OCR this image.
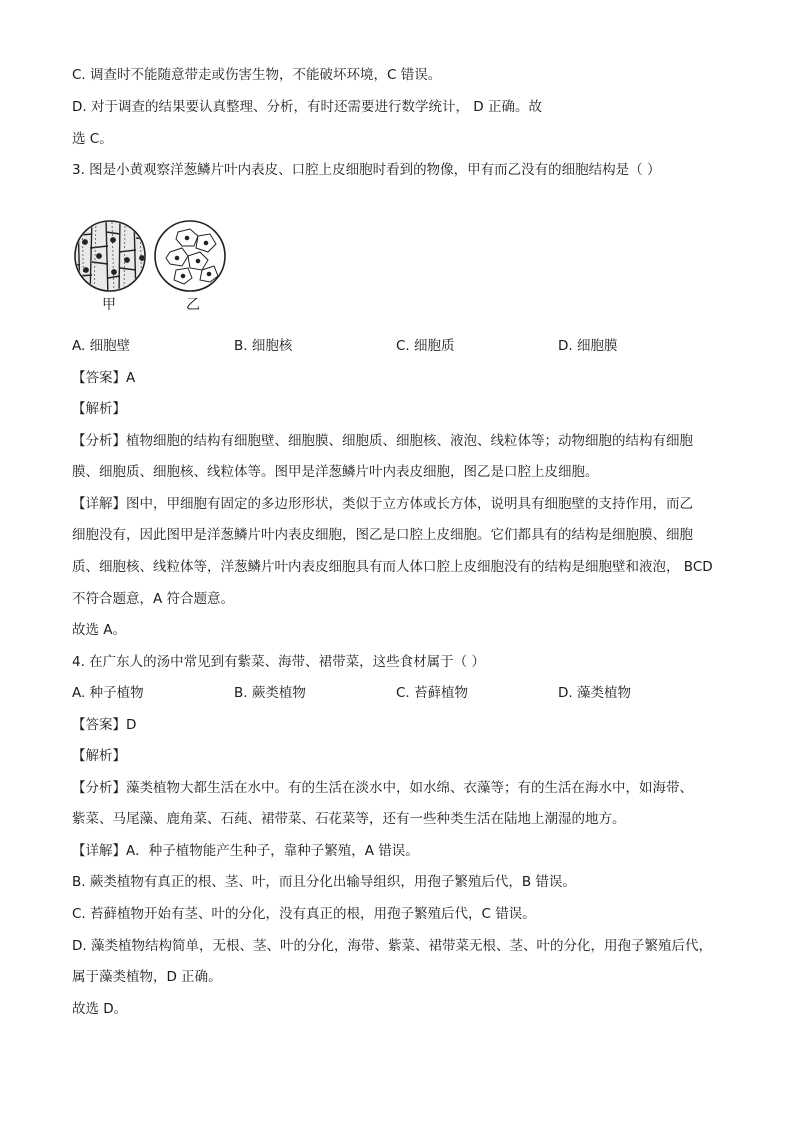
C. 调查时不能随意带走或伤害生物，不能破坏环境，C 错误。
D. 对于调查的结果要认真整理、分析，有时还需要进行数学统计， D 正确。故
选 C。
3. 图是小黄观察洋葱鳞片叶内表皮、口腔上皮细胞时看到的物像，甲有而乙没有的细胞结构是（ ）
甲	乙
A. 细胞壁	B. 细胞核	C. 细胞质	D. 细胞膜
【答案】A
【解析】
【分析】植物细胞的结构有细胞壁、细胞膜、细胞质、细胞核、液泡、线粒体等；动物细胞的结构有细胞
膜、细胞质、细胞核、线粒体等。图甲是洋葱鳞片叶内表皮细胞，图乙是口腔上皮细胞。
【详解】图中，甲细胞有固定的多边形形状，类似于立方体或长方体，说明具有细胞壁的支持作用，而乙
细胞没有，因此图甲是洋葱鳞片叶内表皮细胞，图乙是口腔上皮细胞。它们都具有的结构是细胞膜、细胞
质、细胞核、线粒体等，洋葱鳞片叶内表皮细胞具有而人体口腔上皮细胞没有的结构是细胞壁和液泡， BCD
不符合题意，A 符合题意。
故选 A。
4. 在广东人的汤中常见到有紫菜、海带、裙带菜，这些食材属于（ ）
A. 种子植物	B. 蕨类植物	C. 苔藓植物	D. 藻类植物
【答案】D
【解析】
【分析】藻类植物大都生活在水中。有的生活在淡水中，如水绵、衣藻等；有的生活在海水中，如海带、
紫菜、马尾藻、鹿角菜、石莼、裙带菜、石花菜等，还有一些种类生活在陆地上潮湿的地方。
【详解】A．种子植物能产生种子，靠种子繁殖，A 错误。
B. 蕨类植物有真正的根、茎、叶，而且分化出输导组织，用孢子繁殖后代，B 错误。
C. 苔藓植物开始有茎、叶的分化，没有真正的根，用孢子繁殖后代，C 错误。
D. 藻类植物结构简单，无根、茎、叶的分化，海带、紫菜、裙带菜无根、茎、叶的分化，用孢子繁殖后代，
属于藻类植物，D 正确。
故选 D。
